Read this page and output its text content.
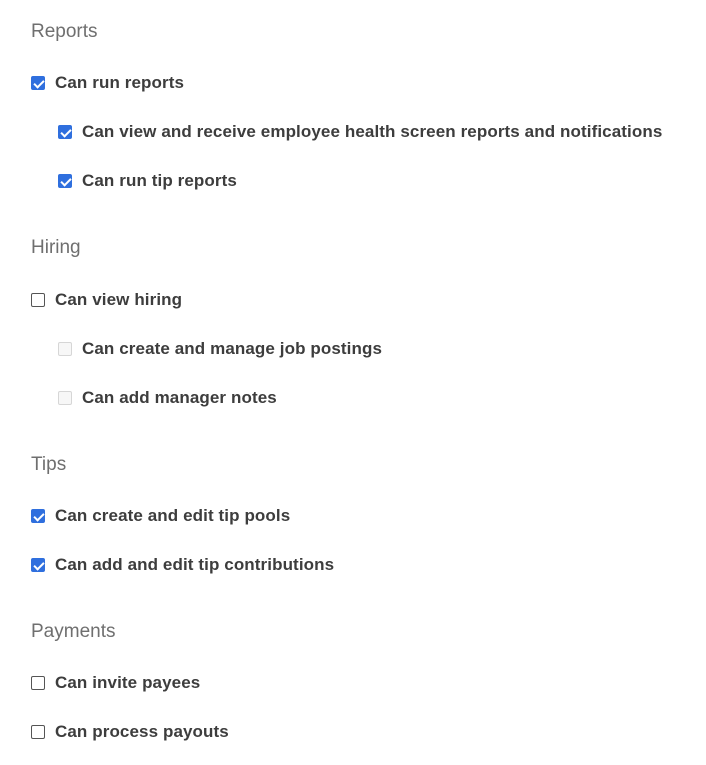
Reports
Can run reports
Can view and receive employee health screen reports and notifications
Can run tip reports
Hiring
Can view hiring
Can create and manage job postings
Can add manager notes
Tips
Can create and edit tip pools
Can add and edit tip contributions
Payments
Can invite payees
Can process payouts
